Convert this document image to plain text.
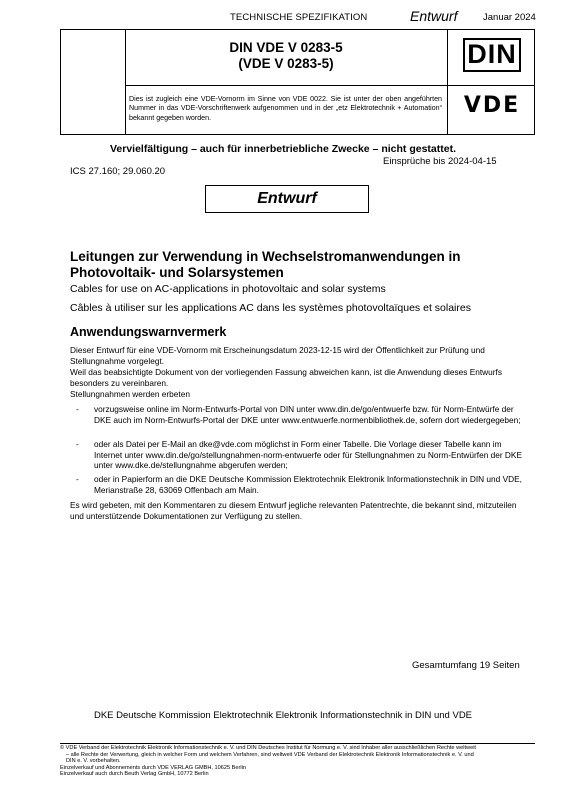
TECHNISCHE SPEZIFIKATION	Entwurf	Januar 2024
DIN VDE V 0283-5
(VDE V 0283-5)
Dies ist zugleich eine VDE-Vornorm im Sinne von VDE 0022. Sie ist unter der oben angeführten Nummer in das VDE-Vorschriftenwerk aufgenommen und in der „etz Elektrotechnik + Automation“ bekannt gegeben worden.
DIN
VDE
Vervielfältigung – auch für innerbetriebliche Zwecke – nicht gestattet.
Einsprüche bis 2024-04-15
ICS 27.160; 29.060.20
Entwurf
Leitungen zur Verwendung in Wechselstromanwendungen in Photovoltaik- und Solarsystemen
Cables for use on AC-applications in photovoltaic and solar systems
Câbles à utiliser sur les applications AC dans les systèmes photovoltaïques et solaires
Anwendungswarnvermerk
Dieser Entwurf für eine VDE-Vornorm mit Erscheinungsdatum 2023-12-15 wird der Öffentlichkeit zur Prüfung und Stellungnahme vorgelegt.
Weil das beabsichtigte Dokument von der vorliegenden Fassung abweichen kann, ist die Anwendung dieses Entwurfs besonders zu vereinbaren.
Stellungnahmen werden erbeten
- vorzugsweise online im Norm-Entwurfs-Portal von DIN unter www.din.de/go/entwuerfe bzw. für Norm-Entwürfe der DKE auch im Norm-Entwurfs-Portal der DKE unter www.entwuerfe.normenbibliothek.de, sofern dort wiedergegeben;
- oder als Datei per E-Mail an dke@vde.com möglichst in Form einer Tabelle. Die Vorlage dieser Tabelle kann im Internet unter www.din.de/go/stellungnahmen-norm-entwuerfe oder für Stellungnahmen zu Norm-Entwürfen der DKE unter www.dke.de/stellungnahme abgerufen werden;
- oder in Papierform an die DKE Deutsche Kommission Elektrotechnik Elektronik Informationstechnik in DIN und VDE, Merianstraße 28, 63069 Offenbach am Main.
Es wird gebeten, mit den Kommentaren zu diesem Entwurf jegliche relevanten Patentrechte, die bekannt sind, mitzuteilen und unterstützende Dokumentationen zur Verfügung zu stellen.
Gesamtumfang 19 Seiten
DKE Deutsche Kommission Elektrotechnik Elektronik Informationstechnik in DIN und VDE
© VDE Verband der Elektrotechnik Elektronik Informationstechnik e. V. und DIN Deutsches Institut für Normung e. V. sind Inhaber aller ausschließlichen Rechte weltweit
– alle Rechte der Verwertung, gleich in welcher Form und welchem Verfahren, sind weltweit VDE Verband der Elektrotechnik Elektronik Informationstechnik e. V. und
DIN e. V. vorbehalten.
Einzelverkauf und Abonnements durch VDE VERLAG GMBH, 10625 Berlin
Einzelverkauf auch durch Beuth Verlag GmbH, 10772 Berlin
